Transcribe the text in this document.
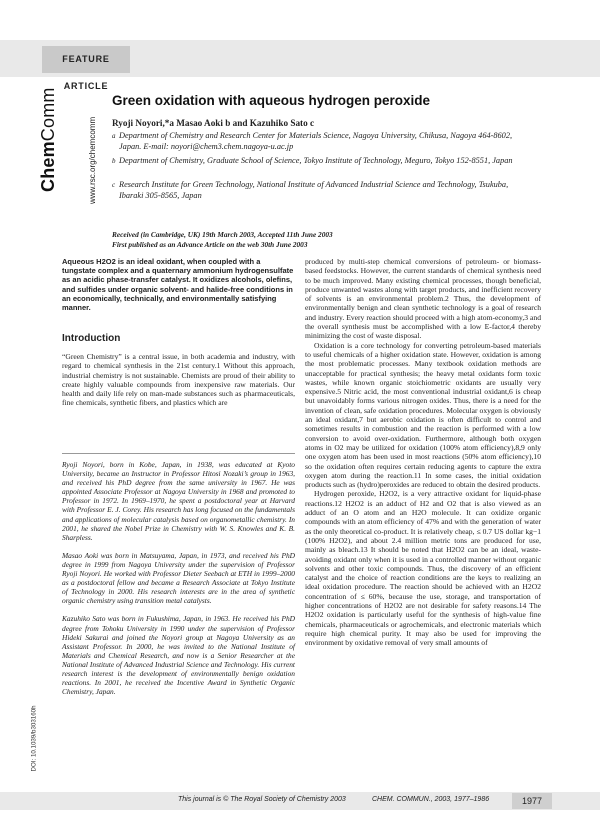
FEATURE ARTICLE
ChemComm
www.rsc.org/chemcomm
Green oxidation with aqueous hydrogen peroxide
Ryoji Noyori,*a Masao Aoki b and Kazuhiko Sato c
a Department of Chemistry and Research Center for Materials Science, Nagoya University, Chikusa, Nagoya 464-8602, Japan. E-mail: noyori@chem3.chem.nagoya-u.ac.jp
b Department of Chemistry, Graduate School of Science, Tokyo Institute of Technology, Meguro, Tokyo 152-8551, Japan
c Research Institute for Green Technology, National Institute of Advanced Industrial Science and Technology, Tsukuba, Ibaraki 305-8565, Japan
Received (in Cambridge, UK) 19th March 2003, Accepted 11th June 2003
First published as an Advance Article on the web 30th June 2003
Aqueous H2O2 is an ideal oxidant, when coupled with a tungstate complex and a quaternary ammonium hydrogensulfate as an acidic phase-transfer catalyst. It oxidizes alcohols, olefins, and sulfides under organic solvent- and halide-free conditions in an economically, technically, and environmentally satisfying manner.
Introduction
“Green Chemistry” is a central issue, in both academia and industry, with regard to chemical synthesis in the 21st century.1 Without this approach, industrial chemistry is not sustainable. Chemists are proud of their ability to create highly valuable compounds from inexpensive raw materials. Our health and daily life rely on man-made substances such as pharmaceuticals, fine chemicals, synthetic fibers, and plastics which are

Ryoji Noyori, born in Kobe, Japan, in 1938, was educated at Kyoto University, became an Instructor in Professor Hitosi Nozaki’s group in 1963, and received his PhD degree from the same university in 1967. He was appointed Associate Professor at Nagoya University in 1968 and promoted to Professor in 1972. In 1969–1970, he spent a postdoctoral year at Harvard with Professor E. J. Corey. His research has long focused on the fundamentals and applications of molecular catalysis based on organometallic chemistry. In 2001, he shared the Nobel Prize in Chemistry with W. S. Knowles and K. B. Sharpless.

Masao Aoki was born in Matsuyama, Japan, in 1973, and received his PhD degree in 1999 from Nagoya University under the supervision of Professor Ryoji Noyori. He worked with Professor Dieter Seebach at ETH in 1999–2000 as a postdoctoral fellow and became a Research Associate at Tokyo Institute of Technology in 2000. His research interests are in the area of synthetic organic chemistry using transition metal catalysts.

Kazuhiko Sato was born in Fukushima, Japan, in 1963. He received his PhD degree from Tohoku University in 1990 under the supervision of Professor Hideki Sakurai and joined the Noyori group at Nagoya University as an Assistant Professor. In 2000, he was invited to the National Institute of Materials and Chemical Research, and now is a Senior Researcher at the National Institute of Advanced Industrial Science and Technology. His current research interest is the development of environmentally benign oxidation reactions. In 2001, he received the Incentive Award in Synthetic Organic Chemistry, Japan.

produced by multi-step chemical conversions of petroleum- or biomass-based feedstocks. However, the current standards of chemical synthesis need to be much improved. Many existing chemical processes, though beneficial, produce unwanted wastes along with target products, and inefficient recovery of solvents is an environmental problem.2 Thus, the development of environmentally benign and clean synthetic technology is a goal of research and industry. Every reaction should proceed with a high atom-economy,3 and the overall synthesis must be accomplished with a low E-factor,4 thereby minimizing the cost of waste disposal.

Oxidation is a core technology for converting petroleum-based materials to useful chemicals of a higher oxidation state. However, oxidation is among the most problematic processes. Many textbook oxidation methods are unacceptable for practical synthesis; the heavy metal oxidants form toxic wastes, while known organic stoichiometric oxidants are usually very expensive.5 Nitric acid, the most conventional industrial oxidant,6 is cheap but unavoidably forms various nitrogen oxides. Thus, there is a need for the invention of clean, safe oxidation procedures. Molecular oxygen is obviously an ideal oxidant,7 but aerobic oxidation is often difficult to control and sometimes results in combustion and the reaction is performed with a low conversion to avoid over-oxidation. Furthermore, although both oxygen atoms in O2 may be utilized for oxidation (100% atom efficiency),8,9 only one oxygen atom has been used in most reactions (50% atom efficiency),10 so the oxidation often requires certain reducing agents to capture the extra oxygen atom during the reaction.11 In some cases, the initial oxidation products such as (hydro)peroxides are reduced to obtain the desired products.

Hydrogen peroxide, H2O2, is a very attractive oxidant for liquid-phase reactions.12 H2O2 is an adduct of H2 and O2 that is also viewed as an adduct of an O atom and an H2O molecule. It can oxidize organic compounds with an atom efficiency of 47% and with the generation of water as the only theoretical co-product. It is relatively cheap, ≤ 0.7 US dollar kg−1 (100% H2O2), and about 2.4 million metric tons are produced for use, mainly as bleach.13 It should be noted that H2O2 can be an ideal, waste-avoiding oxidant only when it is used in a controlled manner without organic solvents and other toxic compounds. Thus, the discovery of an efficient catalyst and the choice of reaction conditions are the keys to realizing an ideal oxidation procedure. The reaction should be achieved with an H2O2 concentration of ≤ 60%, because the use, storage, and transportation of higher concentrations of H2O2 are not desirable for safety reasons.14 The H2O2 oxidation is particularly useful for the synthesis of high-value fine chemicals, pharmaceuticals or agrochemicals, and electronic materials which require high chemical purity. It may also be used for improving the environment by oxidative removal of very small amounts of

DOI: 10.1039/b303160h
This journal is © The Royal Society of Chemistry 2003	CHEM. COMMUN., 2003, 1977–1986	1977
